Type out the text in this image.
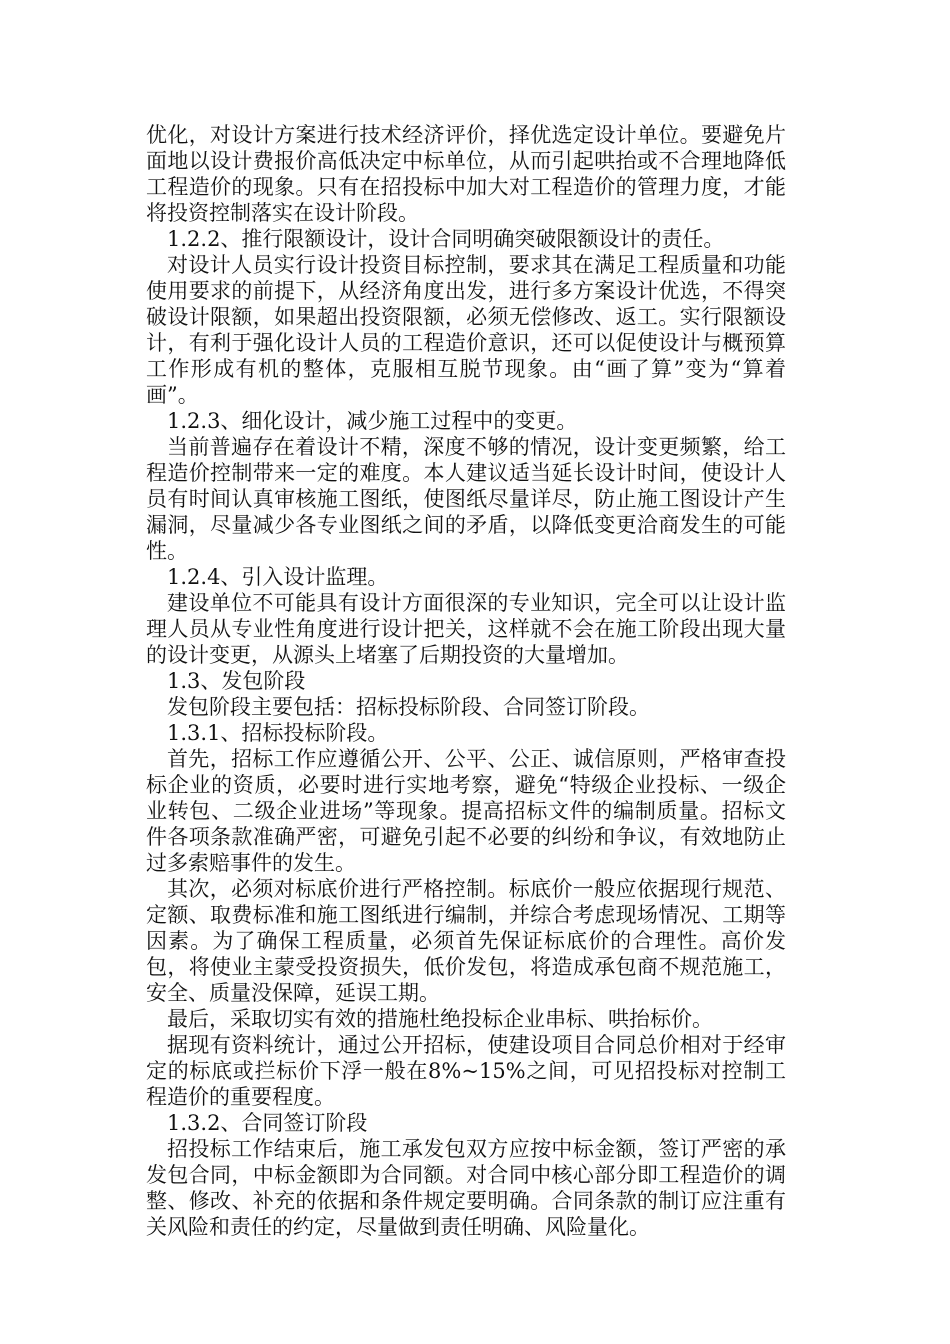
优化，对设计方案进行技术经济评价，择优选定设计单位。要避免片面地以设计费报价高低决定中标单位，从而引起哄抬或不合理地降低工程造价的现象。只有在招投标中加大对工程造价的管理力度，才能将投资控制落实在设计阶段。

1.2.2、推行限额设计，设计合同明确突破限额设计的责任。

对设计人员实行设计投资目标控制，要求其在满足工程质量和功能使用要求的前提下，从经济角度出发，进行多方案设计优选，不得突破设计限额，如果超出投资限额，必须无偿修改、返工。实行限额设计，有利于强化设计人员的工程造价意识，还可以促使设计与概预算工作形成有机的整体，克服相互脱节现象。由“画了算”变为“算着画”。

1.2.3、细化设计，减少施工过程中的变更。

当前普遍存在着设计不精，深度不够的情况，设计变更频繁，给工程造价控制带来一定的难度。本人建议适当延长设计时间，使设计人员有时间认真审核施工图纸，使图纸尽量详尽，防止施工图设计产生漏洞，尽量减少各专业图纸之间的矛盾，以降低变更洽商发生的可能性。

1.2.4、引入设计监理。

建设单位不可能具有设计方面很深的专业知识，完全可以让设计监理人员从专业性角度进行设计把关，这样就不会在施工阶段出现大量的设计变更，从源头上堵塞了后期投资的大量增加。

1.3、发包阶段

发包阶段主要包括：招标投标阶段、合同签订阶段。

1.3.1、招标投标阶段。

首先，招标工作应遵循公开、公平、公正、诚信原则，严格审查投标企业的资质，必要时进行实地考察，避免“特级企业投标、一级企业转包、二级企业进场”等现象。提高招标文件的编制质量。招标文件各项条款准确严密，可避免引起不必要的纠纷和争议，有效地防止过多索赔事件的发生。

其次，必须对标底价进行严格控制。标底价一般应依据现行规范、定额、取费标准和施工图纸进行编制，并综合考虑现场情况、工期等因素。为了确保工程质量，必须首先保证标底价的合理性。高价发包，将使业主蒙受投资损失，低价发包，将造成承包商不规范施工，安全、质量没保障，延误工期。

最后，采取切实有效的措施杜绝投标企业串标、哄抬标价。

据现有资料统计，通过公开招标，使建设项目合同总价相对于经审定的标底或拦标价下浮一般在8%~15%之间，可见招投标对控制工程造价的重要程度。

1.3.2、合同签订阶段

招投标工作结束后，施工承发包双方应按中标金额，签订严密的承发包合同，中标金额即为合同额。对合同中核心部分即工程造价的调整、修改、补充的依据和条件规定要明确。合同条款的制订应注重有关风险和责任的约定，尽量做到责任明确、风险量化。
